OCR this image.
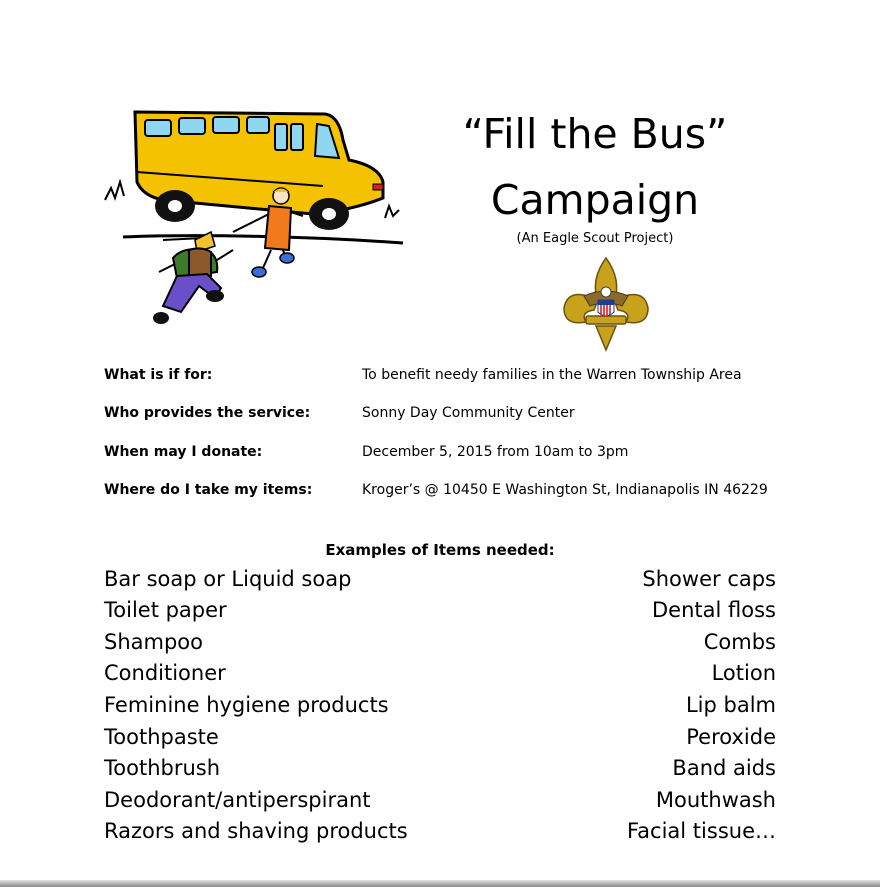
“Fill the Bus”
Campaign
(An Eagle Scout Project)
What is if for:	To benefit needy families in the Warren Township Area
Who provides the service:	Sonny Day Community Center
When may I donate:	December 5, 2015 from 10am to 3pm
Where do I take my items:	Kroger’s @ 10450 E Washington St, Indianapolis IN 46229
Examples of Items needed:
Bar soap or Liquid soap
Toilet paper
Shampoo
Conditioner
Feminine hygiene products
Toothpaste
Toothbrush
Deodorant/antiperspirant
Razors and shaving products
Shower caps
Dental floss
Combs
Lotion
Lip balm
Peroxide
Band aids
Mouthwash
Facial tissue…
